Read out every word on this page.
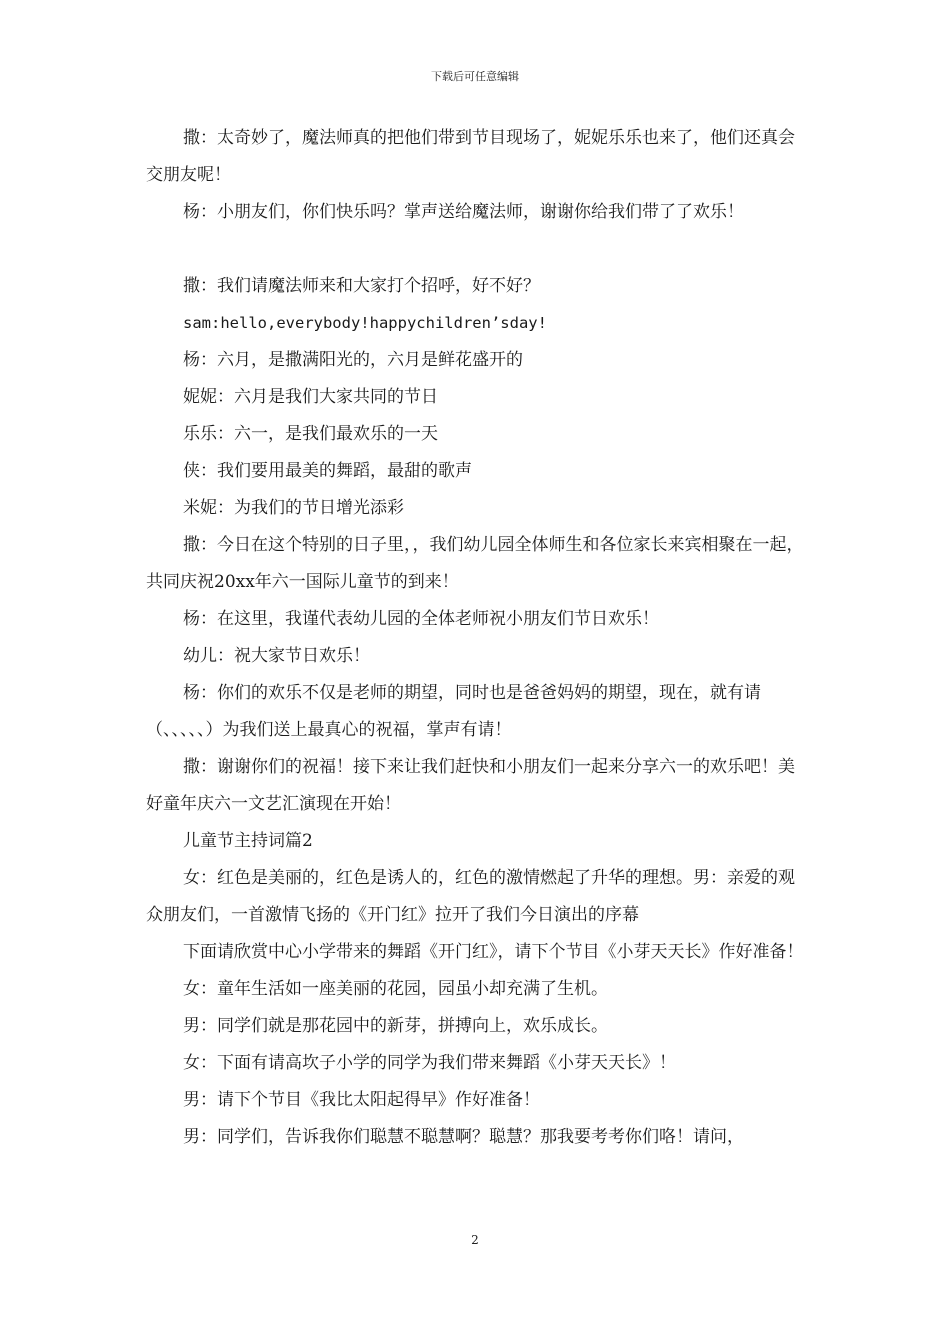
下载后可任意编辑

撒：太奇妙了，魔法师真的把他们带到节目现场了，妮妮乐乐也来了，他们还真会交朋友呢！

杨：小朋友们，你们快乐吗？掌声送给魔法师，谢谢你给我们带了了欢乐！

撒：我们请魔法师来和大家打个招呼，好不好？

sam:hello,everybody!happychildren’sday!

杨：六月，是撒满阳光的，六月是鲜花盛开的

妮妮：六月是我们大家共同的节日

乐乐：六一，是我们最欢乐的一天

侠：我们要用最美的舞蹈，最甜的歌声

米妮：为我们的节日增光添彩

撒：今日在这个特别的日子里，，我们幼儿园全体师生和各位家长来宾相聚在一起，共同庆祝20xx年六一国际儿童节的到来！

杨：在这里，我谨代表幼儿园的全体老师祝小朋友们节日欢乐！

幼儿：祝大家节日欢乐！

杨：你们的欢乐不仅是老师的期望，同时也是爸爸妈妈的期望，现在，就有请（、、、、、）为我们送上最真心的祝福，掌声有请！

撒：谢谢你们的祝福！接下来让我们赶快和小朋友们一起来分享六一的欢乐吧！美好童年庆六一文艺汇演现在开始！

儿童节主持词篇2

女：红色是美丽的，红色是诱人的，红色的激情燃起了升华的理想。男：亲爱的观众朋友们，一首激情飞扬的《开门红》拉开了我们今日演出的序幕

下面请欣赏中心小学带来的舞蹈《开门红》，请下个节目《小芽天天长》作好准备！

女：童年生活如一座美丽的花园，园虽小却充满了生机。

男：同学们就是那花园中的新芽，拼搏向上，欢乐成长。

女：下面有请高坎子小学的同学为我们带来舞蹈《小芽天天长》！

男：请下个节目《我比太阳起得早》作好准备！

男：同学们，告诉我你们聪慧不聪慧啊？聪慧？那我要考考你们咯！请问，

2
